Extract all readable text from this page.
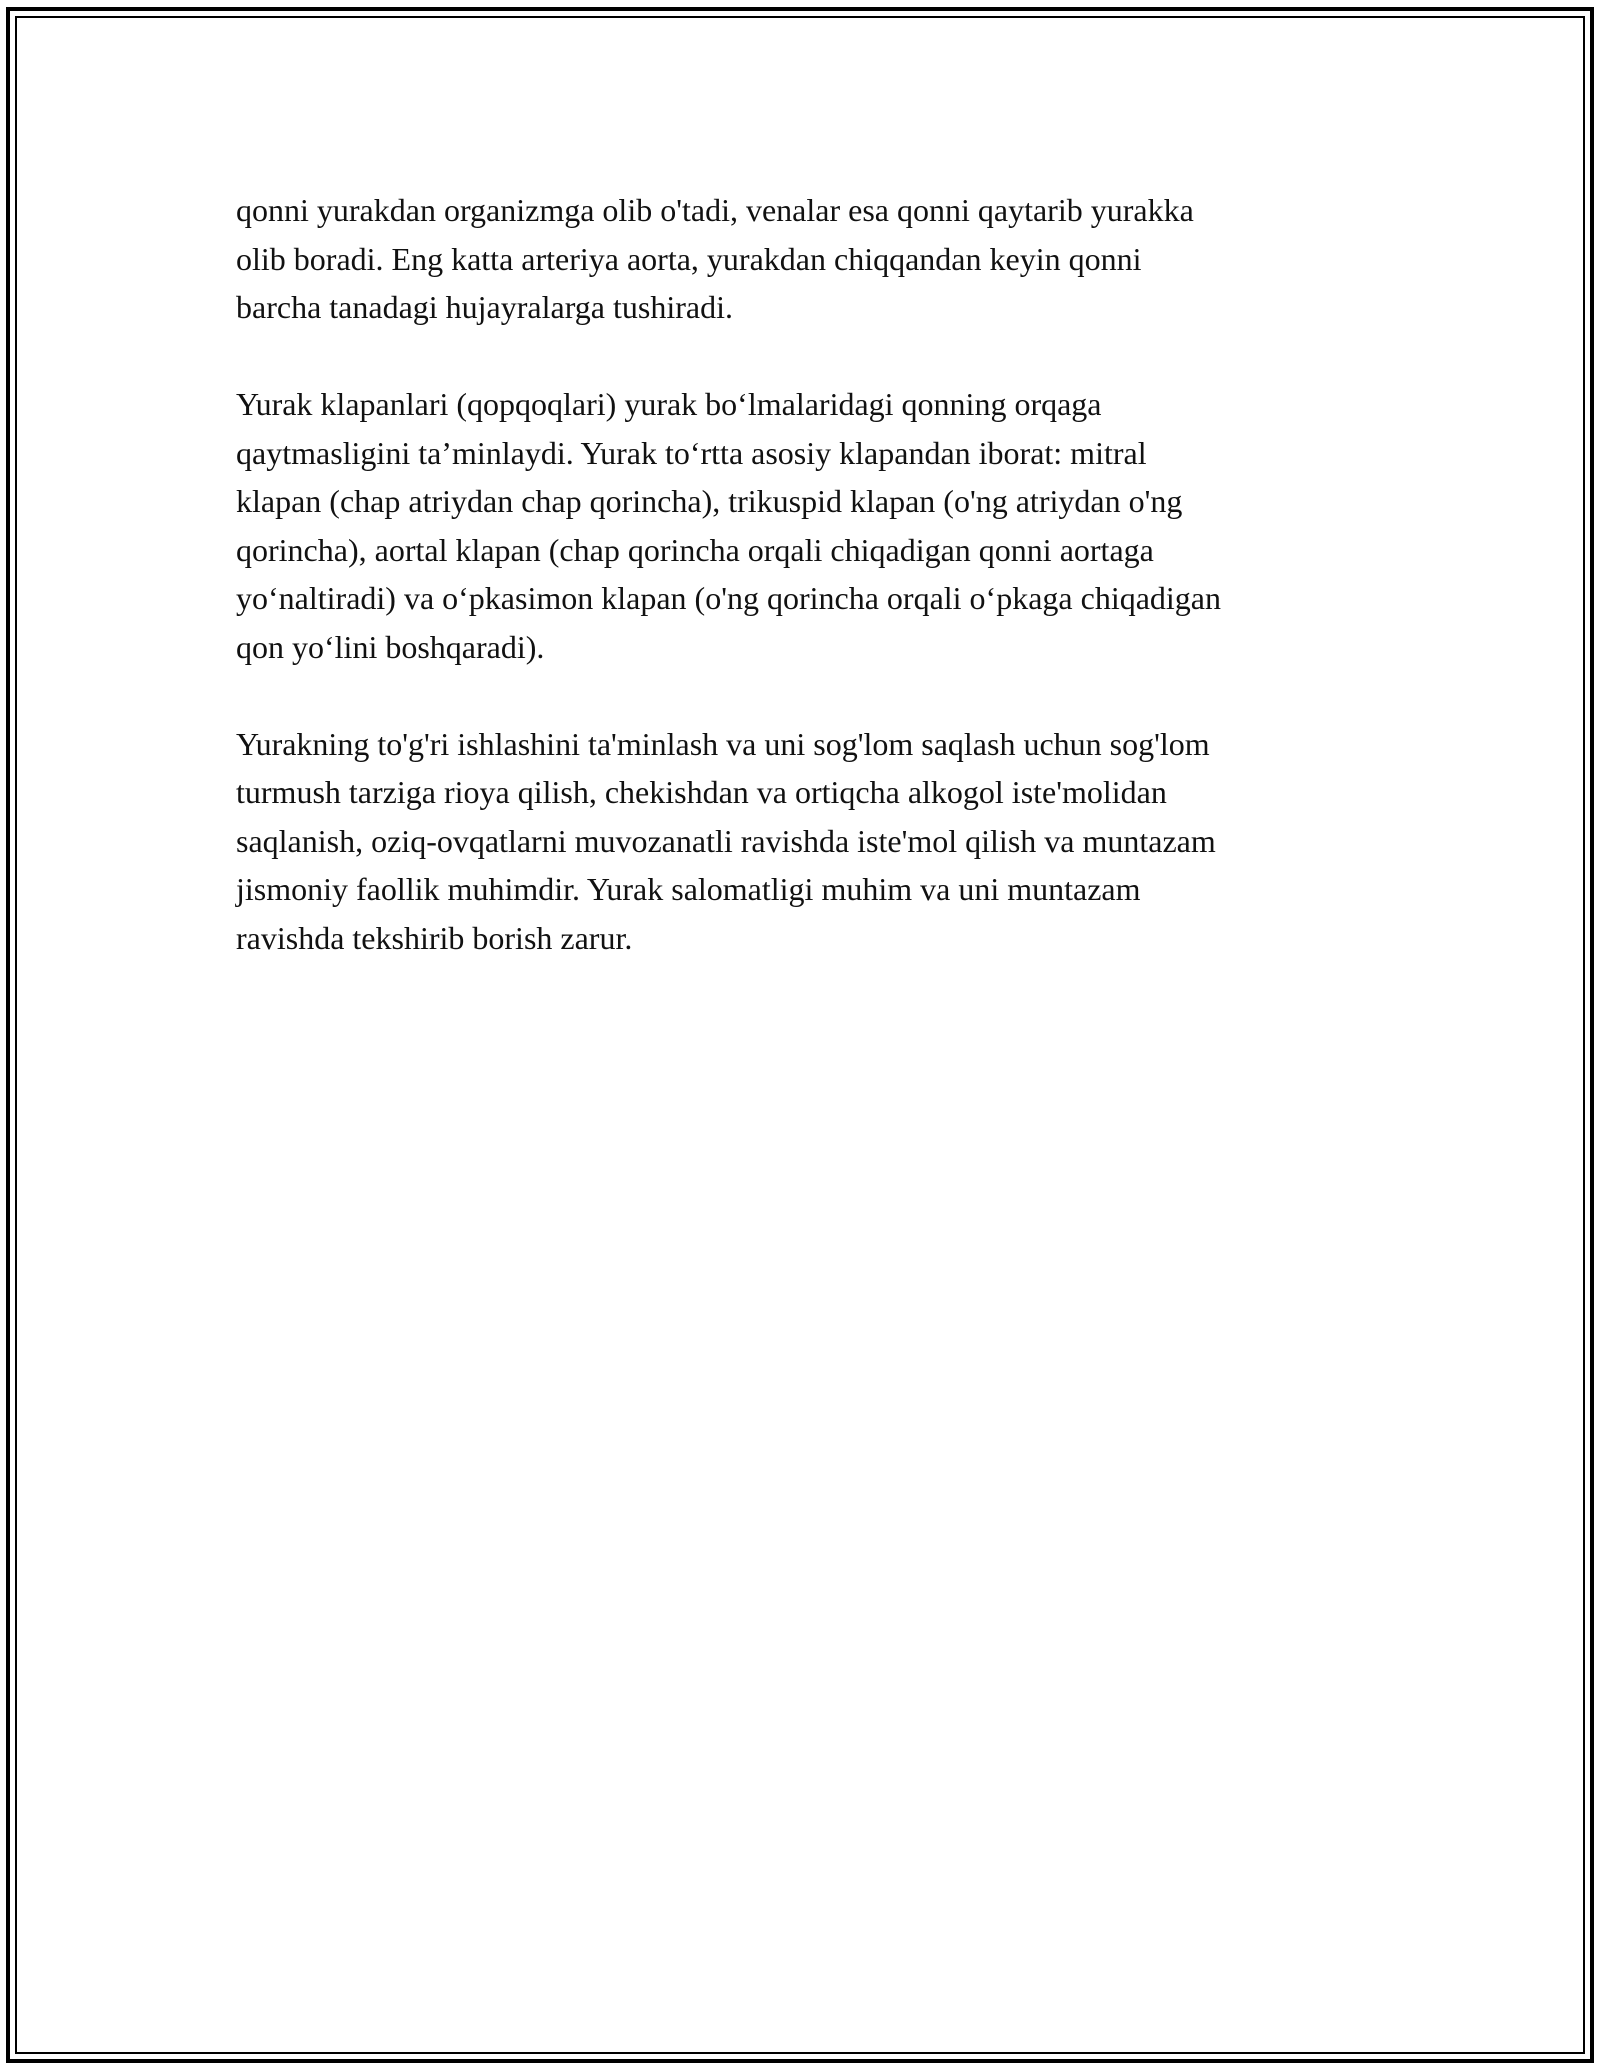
qonni yurakdan organizmga olib o'tadi, venalar esa qonni qaytarib yurakka
olib boradi. Eng katta arteriya aorta, yurakdan chiqqandan keyin qonni
barcha tanadagi hujayralarga tushiradi.

Yurak klapanlari (qopqoqlari) yurak bo‘lmalaridagi qonning orqaga
qaytmasligini ta’minlaydi. Yurak to‘rtta asosiy klapandan iborat: mitral
klapan (chap atriydan chap qorincha), trikuspid klapan (o'ng atriydan o'ng
qorincha), aortal klapan (chap qorincha orqali chiqadigan qonni aortaga
yo‘naltiradi) va o‘pkasimon klapan (o'ng qorincha orqali o‘pkaga chiqadigan
qon yo‘lini boshqaradi).

Yurakning to'g'ri ishlashini ta'minlash va uni sog'lom saqlash uchun sog'lom
turmush tarziga rioya qilish, chekishdan va ortiqcha alkogol iste'molidan
saqlanish, oziq-ovqatlarni muvozanatli ravishda iste'mol qilish va muntazam
jismoniy faollik muhimdir. Yurak salomatligi muhim va uni muntazam
ravishda tekshirib borish zarur.
